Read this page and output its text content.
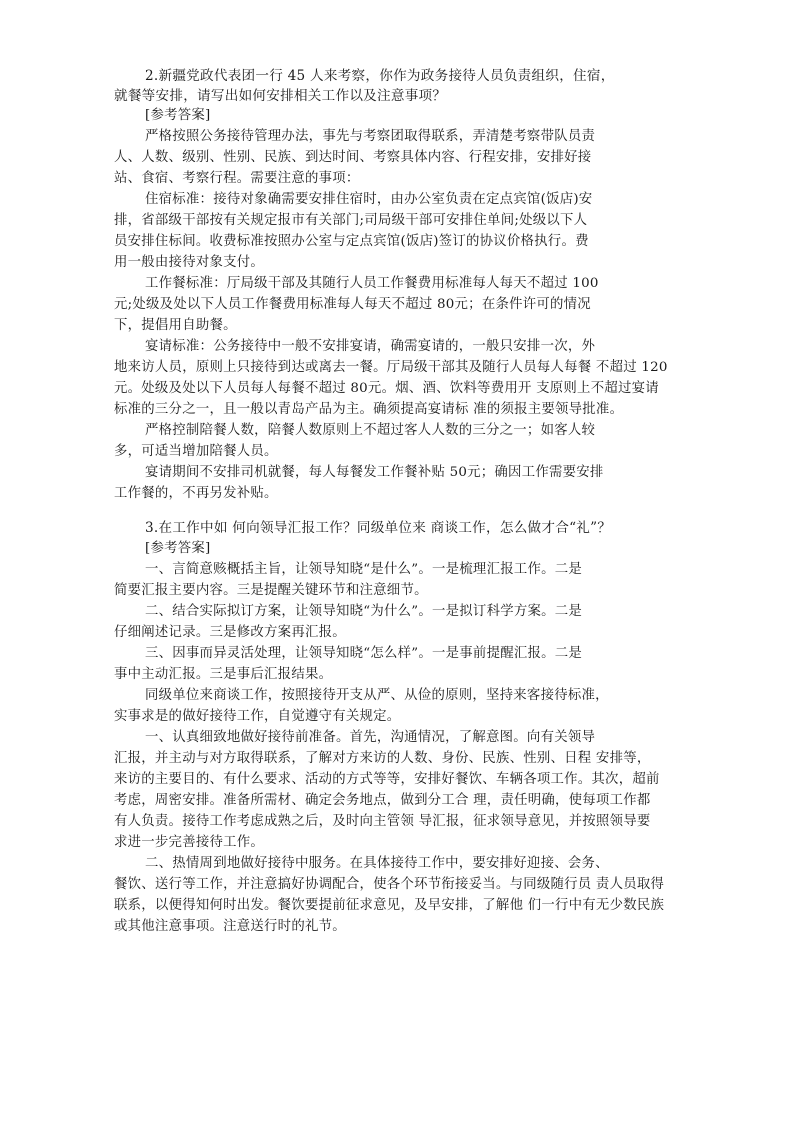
2.新疆党政代表团一行 45 人来考察，你作为政务接待人员负责组织，住宿，
就餐等安排，请写出如何安排相关工作以及注意事项？
[参考答案]
严格按照公务接待管理办法，事先与考察团取得联系，弄清楚考察带队员责
人、人数、级别、性别、民族、到达时间、考察具体内容、行程安排，安排好接
站、食宿、考察行程。需要注意的事项：
住宿标准：接待对象确需要安排住宿时，由办公室负责在定点宾馆(饭店)安
排，省部级干部按有关规定报市有关部门;司局级干部可安排住单间;处级以下人
员安排住标间。收费标准按照办公室与定点宾馆(饭店)签订的协议价格执行。费
用一般由接待对象支付。
工作餐标准：厅局级干部及其随行人员工作餐费用标准每人每天不超过 100
元;处级及处以下人员工作餐费用标准每人每天不超过 80元；在条件许可的情况
下，提倡用自助餐。
宴请标准：公务接待中一般不安排宴请，确需宴请的，一般只安排一次，外
地来访人员，原则上只接待到达或离去一餐。厅局级干部其及随行人员每人每餐 不超过 120
元。处级及处以下人员每人每餐不超过 80元。烟、酒、饮料等费用开 支原则上不超过宴请
标准的三分之一，且一般以青岛产品为主。确须提高宴请标 准的须报主要领导批准。
严格控制陪餐人数，陪餐人数原则上不超过客人人数的三分之一；如客人较
多，可适当增加陪餐人员。
宴请期间不安排司机就餐，每人每餐发工作餐补贴 50元；确因工作需要安排
工作餐的，不再另发补贴。
3.在工作中如 何向领导汇报工作？同级单位来 商谈工作，怎么做才合“礼”？
[参考答案]
一、言简意赅概括主旨，让领导知晓“是什么”。一是梳理汇报工作。二是
简要汇报主要内容。三是提醒关键环节和注意细节。
二、结合实际拟订方案，让领导知晓“为什么”。一是拟订科学方案。二是
仔细阐述记录。三是修改方案再汇报。
三、因事而异灵活处理，让领导知晓“怎么样”。一是事前提醒汇报。二是
事中主动汇报。三是事后汇报结果。
同级单位来商谈工作，按照接待开支从严、从俭的原则，坚持来客接待标准，
实事求是的做好接待工作，自觉遵守有关规定。
一、认真细致地做好接待前准备。首先，沟通情况，了解意图。向有关领导
汇报，并主动与对方取得联系，了解对方来访的人数、身份、民族、性别、日程 安排等，
来访的主要目的、有什么要求、活动的方式等等，安排好餐饮、车辆各项工作。其次，超前
考虑，周密安排。准备所需材、确定会务地点，做到分工合 理，责任明确，使每项工作都
有人负责。接待工作考虑成熟之后，及时向主管领 导汇报，征求领导意见，并按照领导要
求进一步完善接待工作。
二、热情周到地做好接待中服务。在具体接待工作中，要安排好迎接、会务、
餐饮、送行等工作，并注意搞好协调配合，使各个环节衔接妥当。与同级随行员 责人员取得
联系，以便得知何时出发。餐饮要提前征求意见，及早安排，了解他 们一行中有无少数民族
或其他注意事项。注意送行时的礼节。
